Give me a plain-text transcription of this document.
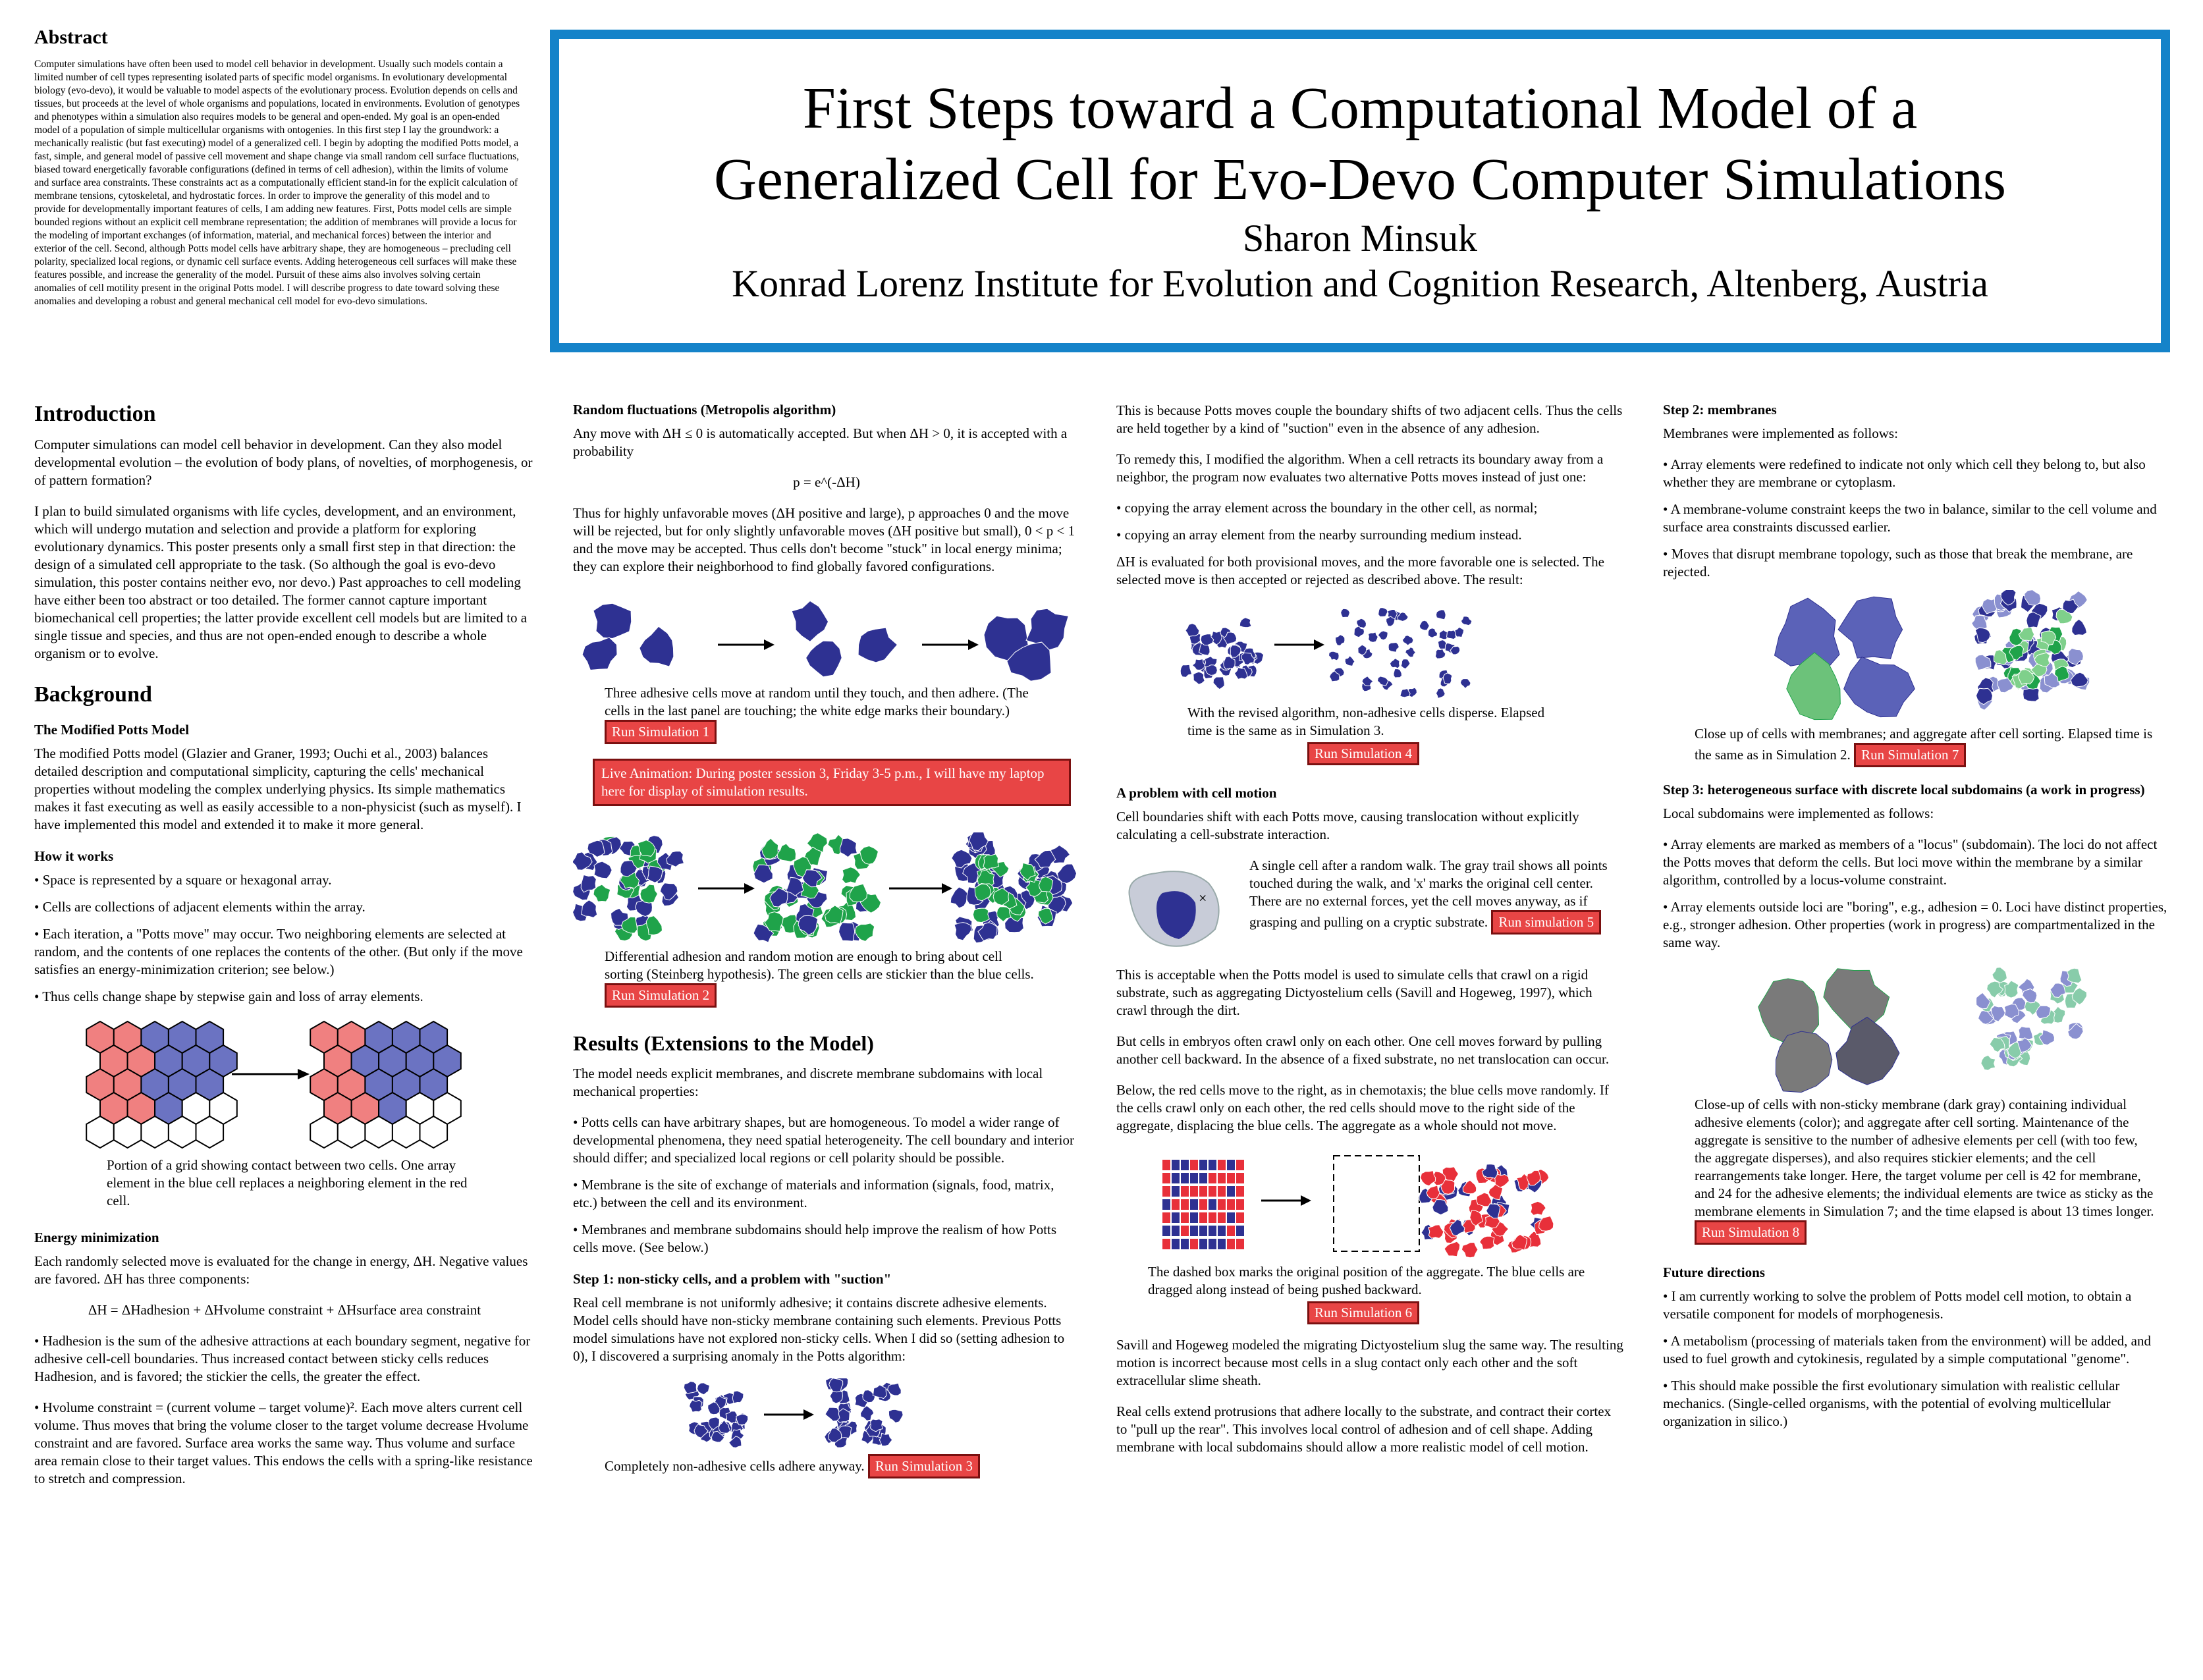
Abstract

Computer simulations have often been used to model cell behavior in development. Usually such models contain a limited number of cell types representing isolated parts of specific model organisms. In evolutionary developmental biology (evo-devo), it would be valuable to model aspects of the evolutionary process. Evolution depends on cells and tissues, but proceeds at the level of whole organisms and populations, located in environments. Evolution of genotypes and phenotypes within a simulation also requires models to be general and open-ended. My goal is an open-ended model of a population of simple multicellular organisms with ontogenies. In this first step I lay the groundwork: a mechanically realistic (but fast executing) model of a generalized cell. I begin by adopting the modified Potts model, a fast, simple, and general model of passive cell movement and shape change via small random cell surface fluctuations, biased toward energetically favorable configurations (defined in terms of cell adhesion), within the limits of volume and surface area constraints. These constraints act as a computationally efficient stand-in for the explicit calculation of membrane tensions, cytoskeletal, and hydrostatic forces. In order to improve the generality of this model and to provide for developmentally important features of cells, I am adding new features. First, Potts model cells are simple bounded regions without an explicit cell membrane representation; the addition of membranes will provide a locus for the modeling of important exchanges (of information, material, and mechanical forces) between the interior and exterior of the cell. Second, although Potts model cells have arbitrary shape, they are homogeneous – precluding cell polarity, specialized local regions, or dynamic cell surface events. Adding heterogeneous cell surfaces will make these features possible, and increase the generality of the model. Pursuit of these aims also involves solving certain anomalies of cell motility present in the original Potts model. I will describe progress to date toward solving these anomalies and developing a robust and general mechanical cell model for evo-devo simulations.

First Steps toward a Computational Model of a
Generalized Cell for Evo-Devo Computer Simulations
Sharon Minsuk
Konrad Lorenz Institute for Evolution and Cognition Research, Altenberg, Austria
Introduction

Computer simulations can model cell behavior in development. Can they also model developmental evolution – the evolution of body plans, of novelties, of morphogenesis, or of pattern formation?

I plan to build simulated organisms with life cycles, development, and an environment, which will undergo mutation and selection and provide a platform for exploring evolutionary dynamics. This poster presents only a small first step in that direction: the design of a simulated cell appropriate to the task. (So although the goal is evo-devo simulation, this poster contains neither evo, nor devo.) Past approaches to cell modeling have either been too abstract or too detailed. The former cannot capture important biomechanical cell properties; the latter provide excellent cell models but are limited to a single tissue and species, and thus are not open-ended enough to describe a whole organism or to evolve.

Background
The Modified Potts Model

The modified Potts model (Glazier and Graner, 1993; Ouchi et al., 2003) balances detailed description and computational simplicity, capturing the cells' mechanical properties without modeling the complex underlying physics. Its simple mathematics makes it fast executing as well as easily accessible to a non-physicist (such as myself). I have implemented this model and extended it to make it more general.

How it works
• Space is represented by a square or hexagonal array.
• Cells are collections of adjacent elements within the array.
• Each iteration, a "Potts move" may occur. Two neighboring elements are selected at random, and the contents of one replaces the contents of the other. (But only if the move satisfies an energy-minimization criterion; see below.)
• Thus cells change shape by stepwise gain and loss of array elements.
Portion of a grid showing contact between two cells. One array element in the blue cell replaces a neighboring element in the red cell.
Energy minimization

Each randomly selected move is evaluated for the change in energy, ΔH. Negative values are favored. ΔH has three components:

ΔH = ΔHadhesion + ΔHvolume constraint + ΔHsurface area constraint

• Hadhesion is the sum of the adhesive attractions at each boundary segment, negative for adhesive cell-cell boundaries. Thus increased contact between sticky cells reduces Hadhesion, and is favored; the stickier the cells, the greater the effect.

• Hvolume constraint = (current volume – target volume)². Each move alters current cell volume. Thus moves that bring the volume closer to the target volume decrease Hvolume constraint and are favored. Surface area works the same way. Thus volume and surface area remain close to their target values. This endows the cells with a spring-like resistance to stretch and compression.

Random fluctuations (Metropolis algorithm)

Any move with ΔH ≤ 0 is automatically accepted. But when ΔH > 0, it is accepted with a probability

p = e^(-ΔH)

Thus for highly unfavorable moves (ΔH positive and large), p approaches 0 and the move will be rejected, but for only slightly unfavorable moves (ΔH positive but small), 0 < p < 1 and the move may be accepted. Thus cells don't become "stuck" in local energy minima; they can explore their neighborhood to find globally favored configurations.

Three adhesive cells move at random until they touch, and then adhere. (The cells in the last panel are touching; the white edge marks their boundary.) Run Simulation 1
Live Animation: During poster session 3, Friday 3-5 p.m., I will have my laptop here for display of simulation results.
Differential adhesion and random motion are enough to bring about cell sorting (Steinberg hypothesis). The green cells are stickier than the blue cells. Run Simulation 2
Results (Extensions to the Model)

The model needs explicit membranes, and discrete membrane subdomains with local mechanical properties:

• Potts cells can have arbitrary shapes, but are homogeneous. To model a wider range of developmental phenomena, they need spatial heterogeneity. The cell boundary and interior should differ; and specialized local regions or cell polarity should be possible.
• Membrane is the site of exchange of materials and information (signals, food, matrix, etc.) between the cell and its environment.
• Membranes and membrane subdomains should help improve the realism of how Potts cells move. (See below.)
Step 1: non-sticky cells, and a problem with "suction"

Real cell membrane is not uniformly adhesive; it contains discrete adhesive elements. Model cells should have non-sticky membrane containing such elements. Previous Potts model simulations have not explored non-sticky cells. When I did so (setting adhesion to 0), I discovered a surprising anomaly in the Potts algorithm:

Completely non-adhesive cells adhere anyway. Run Simulation 3

This is because Potts moves couple the boundary shifts of two adjacent cells. Thus the cells are held together by a kind of "suction" even in the absence of any adhesion.

To remedy this, I modified the algorithm. When a cell retracts its boundary away from a neighbor, the program now evaluates two alternative Potts moves instead of just one:

• copying the array element across the boundary in the other cell, as normal;
• copying an array element from the nearby surrounding medium instead.

ΔH is evaluated for both provisional moves, and the more favorable one is selected. The selected move is then accepted or rejected as described above. The result:

With the revised algorithm, non-adhesive cells disperse. Elapsed time is the same as in Simulation 3.
Run Simulation 4
A problem with cell motion

Cell boundaries shift with each Potts move, causing translocation without explicitly calculating a cell-substrate interaction.

×
A single cell after a random walk. The gray trail shows all points touched during the walk, and 'x' marks the original cell center. There are no external forces, yet the cell moves anyway, as if grasping and pulling on a cryptic substrate. Run simulation 5

This is acceptable when the Potts model is used to simulate cells that crawl on a rigid substrate, such as aggregating Dictyostelium cells (Savill and Hogeweg, 1997), which crawl through the dirt.

But cells in embryos often crawl only on each other. One cell moves forward by pulling another cell backward. In the absence of a fixed substrate, no net translocation can occur.

Below, the red cells move to the right, as in chemotaxis; the blue cells move randomly. If the cells crawl only on each other, the red cells should move to the right side of the aggregate, displacing the blue cells. The aggregate as a whole should not move.

The dashed box marks the original position of the aggregate. The blue cells are dragged along instead of being pushed backward.
Run Simulation 6

Savill and Hogeweg modeled the migrating Dictyostelium slug the same way. The resulting motion is incorrect because most cells in a slug contact only each other and the soft extracellular slime sheath.

Real cells extend protrusions that adhere locally to the substrate, and contract their cortex to "pull up the rear". This involves local control of adhesion and of cell shape. Adding membrane with local subdomains should allow a more realistic model of cell motion.

Step 2: membranes

Membranes were implemented as follows:

• Array elements were redefined to indicate not only which cell they belong to, but also whether they are membrane or cytoplasm.
• A membrane-volume constraint keeps the two in balance, similar to the cell volume and surface area constraints discussed earlier.
• Moves that disrupt membrane topology, such as those that break the membrane, are rejected.
Close up of cells with membranes; and aggregate after cell sorting. Elapsed time is the same as in Simulation 2. Run Simulation 7
Step 3: heterogeneous surface with discrete local subdomains (a work in progress)

Local subdomains were implemented as follows:

• Array elements are marked as members of a "locus" (subdomain). The loci do not affect the Potts moves that deform the cells. But loci move within the membrane by a similar algorithm, controlled by a locus-volume constraint.
• Array elements outside loci are "boring", e.g., adhesion = 0. Loci have distinct properties, e.g., stronger adhesion. Other properties (work in progress) are compartmentalized in the same way.
Close-up of cells with non-sticky membrane (dark gray) containing individual adhesive elements (color); and aggregate after cell sorting. Maintenance of the aggregate is sensitive to the number of adhesive elements per cell (with too few, the aggregate disperses), and also requires stickier elements; and the cell rearrangements take longer. Here, the target volume per cell is 42 for membrane, and 24 for the adhesive elements; the individual elements are twice as sticky as the membrane elements in Simulation 7; and the time elapsed is about 13 times longer. Run Simulation 8
Future directions
• I am currently working to solve the problem of Potts model cell motion, to obtain a versatile component for models of morphogenesis.
• A metabolism (processing of materials taken from the environment) will be added, and used to fuel growth and cytokinesis, regulated by a simple computational "genome".
• This should make possible the first evolutionary simulation with realistic cellular mechanics. (Single-celled organisms, with the potential of evolving multicellular organization in silico.)
